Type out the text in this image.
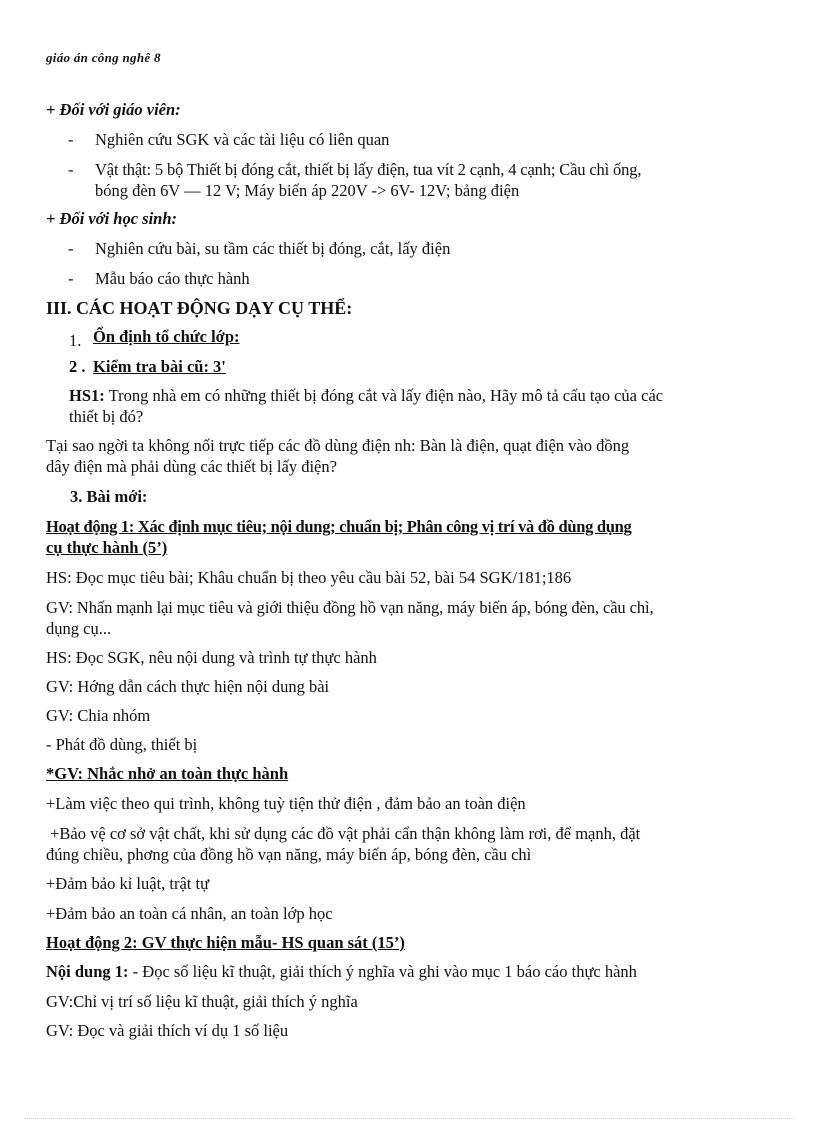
giáo án công nghê 8
+ Đối với giáo viên:
- Nghiên cứu SGK và các tài liệu có liên quan
- Vật thật: 5 bộ Thiết bị đóng cắt, thiết bị lấy điện, tua vít 2 cạnh, 4 cạnh; Cầu chì ống,
bóng đèn 6V — 12 V; Máy biến áp 220V -> 6V- 12V; bảng điện
+ Đối với học sinh:
- Nghiên cứu bài, su tầm các thiết bị đóng, cắt, lấy điện
- Mẫu báo cáo thực hành
III. CÁC HOẠT ĐỘNG DẠY CỤ THỂ:
1. Ổn định tổ chức lớp:
2 . Kiểm tra bài cũ: 3'
HS1: Trong nhà em có những thiết bị đóng cắt và lấy điện nào, Hãy mô tả cấu tạo của các
thiết bị đó?
Tại sao ngời ta không nối trực tiếp các đồ dùng điện nh: Bàn là điện, quạt điện vào đồng
dây điện mà phải dùng các thiết bị lấy điện?
3. Bài mới:
Hoạt động 1: Xác định mục tiêu; nội dung; chuẩn bị; Phân công vị trí và đồ dùng dụng
cụ thực hành (5’)
HS: Đọc mục tiêu bài; Khâu chuẩn bị theo yêu cầu bài 52, bài 54 SGK/181;186
GV: Nhấn mạnh lại mục tiêu và giới thiệu đồng hồ vạn năng, máy biến áp, bóng đèn, cầu chì,
dụng cụ...
HS: Đọc SGK, nêu nội dung và trình tự thực hành
GV: Hớng dẫn cách thực hiện nội dung bài
GV: Chia nhóm
- Phát đồ dùng, thiết bị
*GV: Nhắc nhở an toàn thực hành
+Làm việc theo qui trình, không tuỳ tiện thử điện , đảm bảo an toàn điện
+Bảo vệ cơ sở vật chất, khi sử dụng các đồ vật phải cẩn thận không làm rơi, để mạnh, đặt
đúng chiều, phơng của đồng hồ vạn năng, máy biến áp, bóng đèn, cầu chì
+Đảm bảo kỉ luật, trật tự
+Đảm bảo an toàn cá nhân, an toàn lớp học
Hoạt động 2: GV thực hiện mẫu- HS quan sát (15’)
Nội dung 1: - Đọc số liệu kĩ thuật, giải thích ý nghĩa và ghi vào mục 1 báo cáo thực hành
GV:Chỉ vị trí số liệu kĩ thuật, giải thích ý nghĩa
GV: Đọc và giải thích ví dụ 1 số liệu
